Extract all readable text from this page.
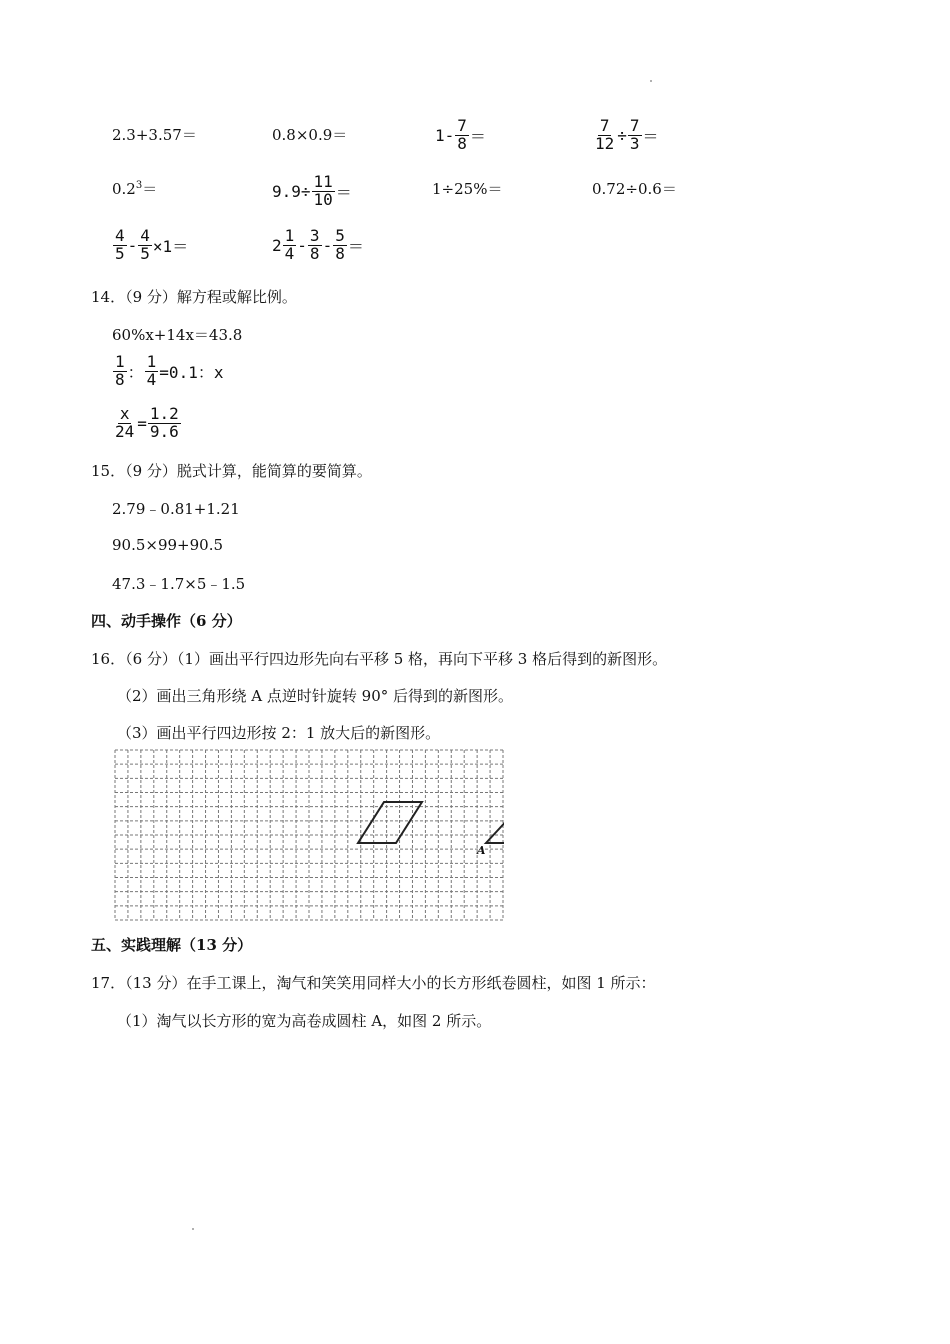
2.3+3.57＝	0.8×0.9＝	$1- \frac{7}{8}$ ＝	$\frac{7}{12} \div \frac{7}{3}$ ＝
$0.2^3=$	$9.9\div \frac{11}{10}$ ＝	1÷25%＝	0.72÷0.6＝
$\frac{4}{5} - \frac{4}{5} \times 1=$	$2 \frac{1}{4} - \frac{3}{8} - \frac{5}{8}$ ＝
14．（9 分）解方程或解比例。
60%x+14x＝43.8
$\frac{1}{8}$ ： $\frac{1}{4} =0.1$：x
$\frac{x}{24} = \frac{1.2}{9.6}$
15．（9 分）脱式计算，能简算的要简算。
2.79﹣0.81+1.21
90.5×99+90.5
47.3﹣1.7×5﹣1.5
四、动手操作（6 分）
16．（6 分）（1）画出平行四边形先向右平移 5 格，再向下平移 3 格后得到的新图形。
（2）画出三角形绕 A 点逆时针旋转 90° 后得到的新图形。
（3）画出平行四边形按 2：1 放大后的新图形。
A
五、实践理解（13 分）
17．（13 分）在手工课上，淘气和笑笑用同样大小的长方形纸卷圆柱，如图 1 所示：
（1）淘气以长方形的宽为高卷成圆柱 A，如图 2 所示。
